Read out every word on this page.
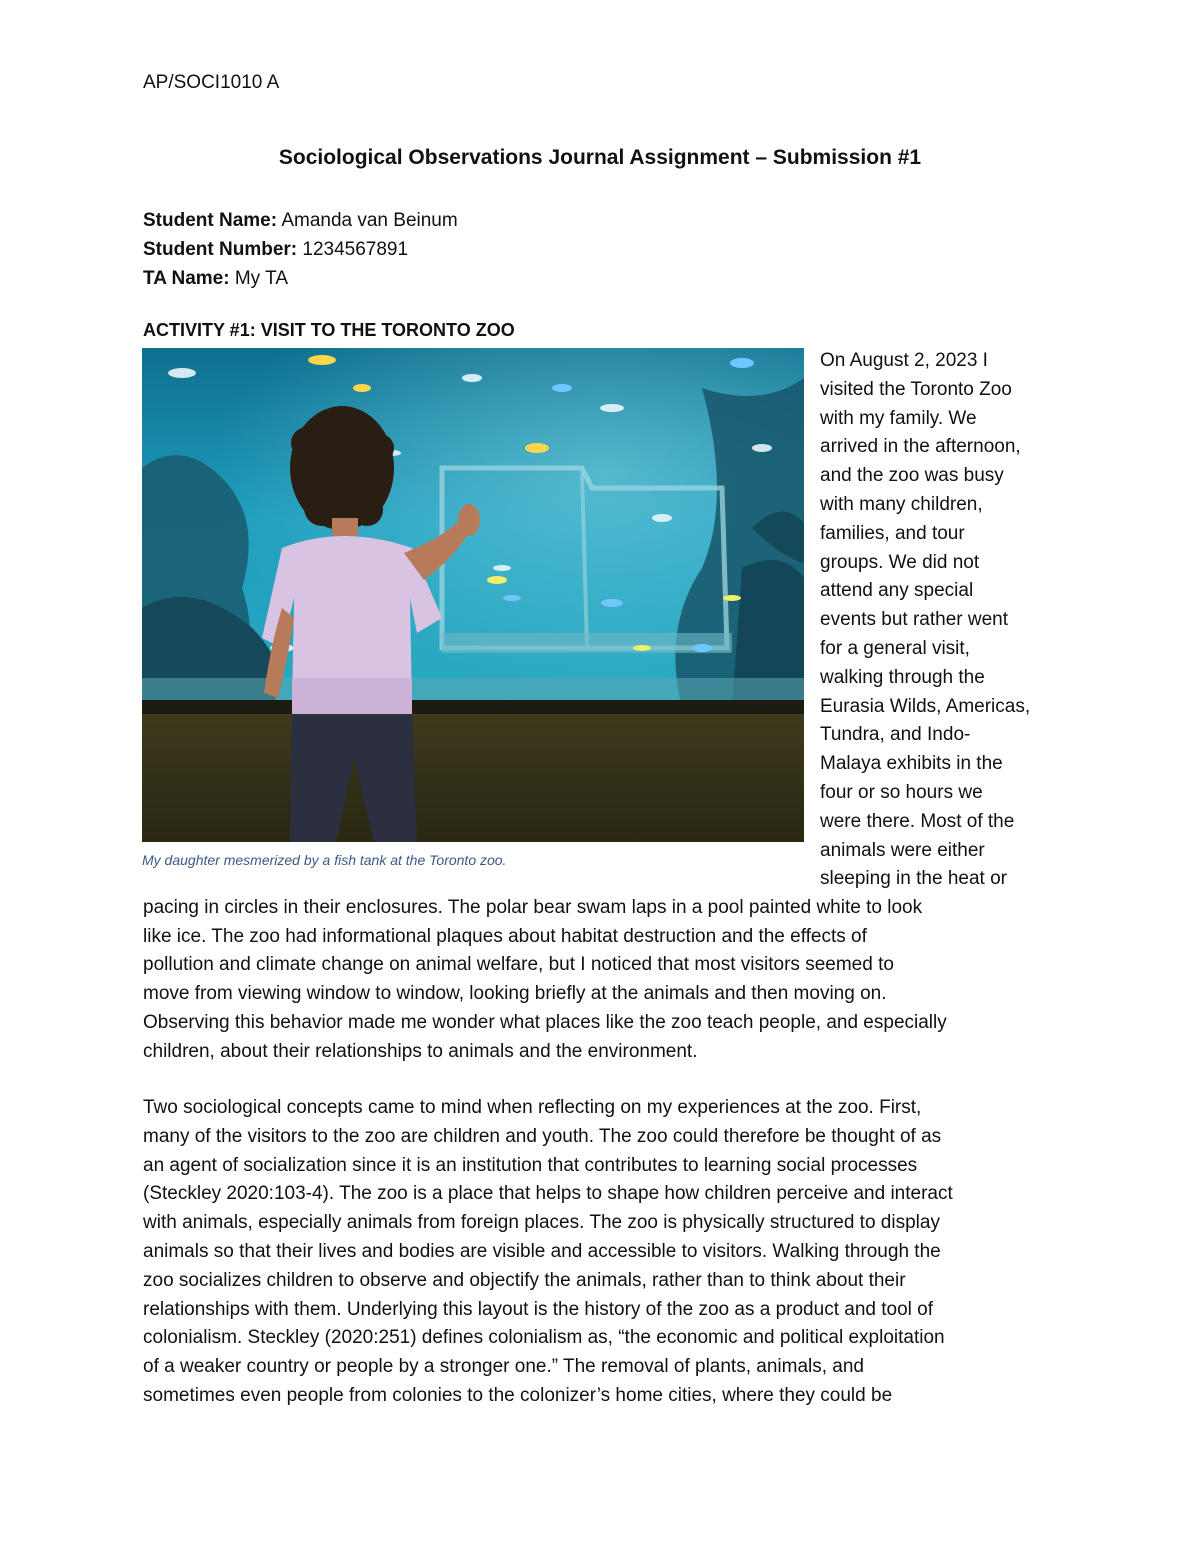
AP/SOCI1010 A
Sociological Observations Journal Assignment – Submission #1
Student Name: Amanda van Beinum
Student Number: 1234567891
TA Name: My TA
ACTIVITY #1: VISIT TO THE TORONTO ZOO
My daughter mesmerized by a fish tank at the Toronto zoo.
On August 2, 2023 I
visited the Toronto Zoo
with my family. We
arrived in the afternoon,
and the zoo was busy
with many children,
families, and tour
groups. We did not
attend any special
events but rather went
for a general visit,
walking through the
Eurasia Wilds, Americas,
Tundra, and Indo-
Malaya exhibits in the
four or so hours we
were there. Most of the
animals were either
sleeping in the heat or
pacing in circles in their enclosures. The polar bear swam laps in a pool painted white to look
like ice. The zoo had informational plaques about habitat destruction and the effects of
pollution and climate change on animal welfare, but I noticed that most visitors seemed to
move from viewing window to window, looking briefly at the animals and then moving on.
Observing this behavior made me wonder what places like the zoo teach people, and especially
children, about their relationships to animals and the environment.
Two sociological concepts came to mind when reflecting on my experiences at the zoo. First,
many of the visitors to the zoo are children and youth. The zoo could therefore be thought of as
an agent of socialization since it is an institution that contributes to learning social processes
(Steckley 2020:103-4). The zoo is a place that helps to shape how children perceive and interact
with animals, especially animals from foreign places. The zoo is physically structured to display
animals so that their lives and bodies are visible and accessible to visitors. Walking through the
zoo socializes children to observe and objectify the animals, rather than to think about their
relationships with them. Underlying this layout is the history of the zoo as a product and tool of
colonialism. Steckley (2020:251) defines colonialism as, “the economic and political exploitation
of a weaker country or people by a stronger one.” The removal of plants, animals, and
sometimes even people from colonies to the colonizer’s home cities, where they could be
